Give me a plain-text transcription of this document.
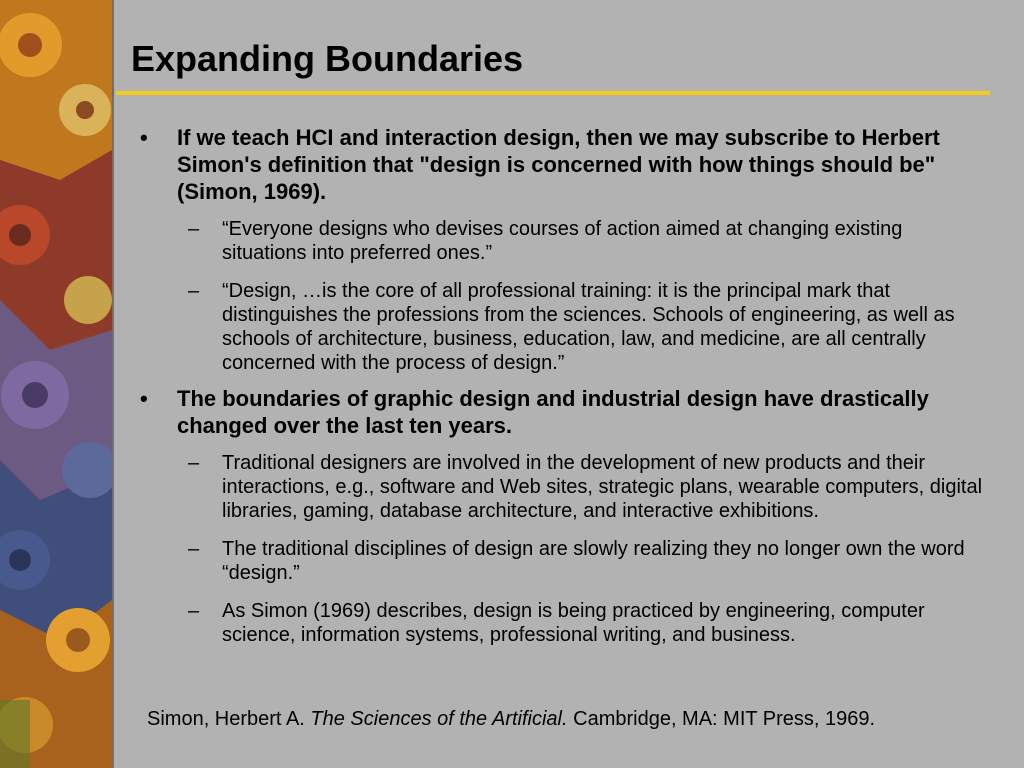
Expanding Boundaries
•	If we teach HCI and interaction design, then we may subscribe to Herbert Simon's definition that "design is concerned with how things should be" (Simon, 1969).
–	“Everyone designs who devises courses of action aimed at changing existing situations into preferred ones.”
–	“Design, …is the core of all professional training: it is the principal mark that distinguishes the professions from the sciences. Schools of engineering, as well as schools of architecture, business, education, law, and medicine, are all centrally concerned with the process of design.”
•	The boundaries of graphic design and industrial design have drastically changed over the last ten years.
–	Traditional designers are involved in the development of new products and their interactions, e.g., software and Web sites, strategic plans, wearable computers, digital libraries, gaming, database architecture, and interactive exhibitions.
–	The traditional disciplines of design are slowly realizing they no longer own the word “design.”
–	As Simon (1969) describes, design is being practiced by engineering, computer science, information systems, professional writing, and business.
Simon, Herbert A. The Sciences of the Artificial. Cambridge, MA: MIT Press, 1969.
